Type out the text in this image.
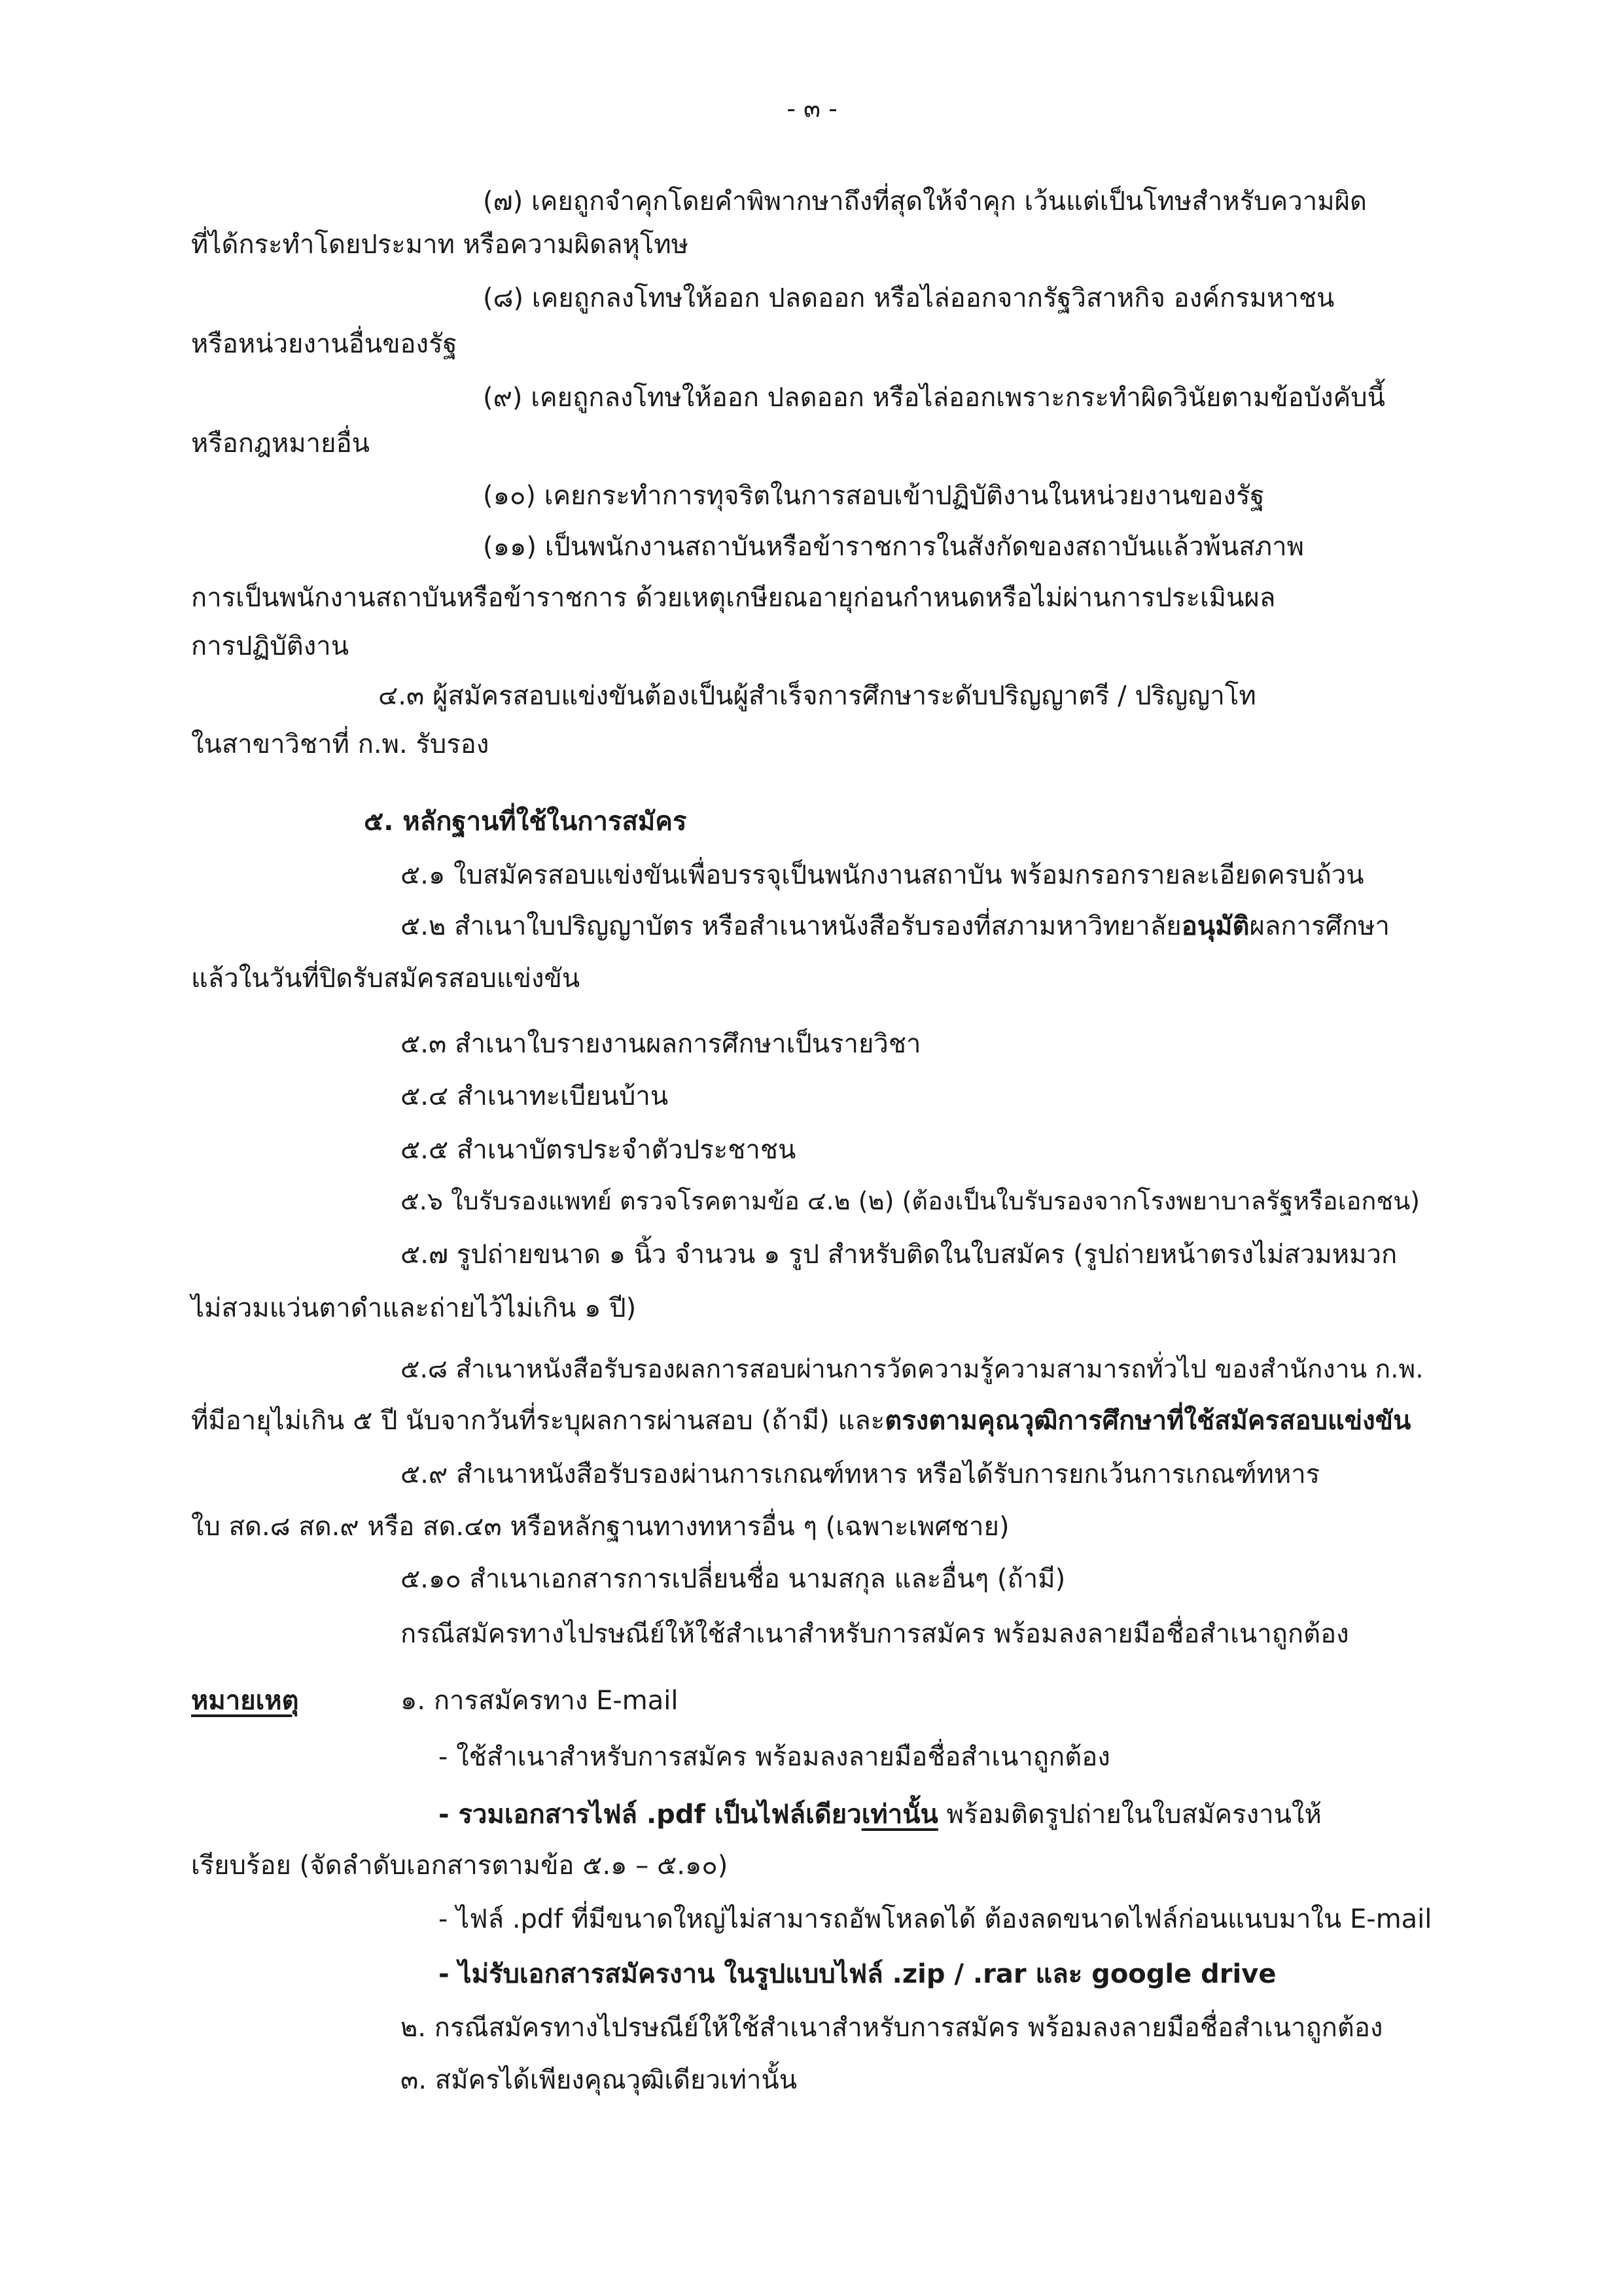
- ๓ -
(๗) เคยถูกจำคุกโดยคำพิพากษาถึงที่สุดให้จำคุก เว้นแต่เป็นโทษสำหรับความผิด
ที่ได้กระทำโดยประมาท หรือความผิดลหุโทษ
(๘) เคยถูกลงโทษให้ออก ปลดออก หรือไล่ออกจากรัฐวิสาหกิจ องค์กรมหาชน
หรือหน่วยงานอื่นของรัฐ
(๙) เคยถูกลงโทษให้ออก ปลดออก หรือไล่ออกเพราะกระทำผิดวินัยตามข้อบังคับนี้
หรือกฎหมายอื่น
(๑๐) เคยกระทำการทุจริตในการสอบเข้าปฏิบัติงานในหน่วยงานของรัฐ
(๑๑) เป็นพนักงานสถาบันหรือข้าราชการในสังกัดของสถาบันแล้วพ้นสภาพ
การเป็นพนักงานสถาบันหรือข้าราชการ ด้วยเหตุเกษียณอายุก่อนกำหนดหรือไม่ผ่านการประเมินผล
การปฏิบัติงาน
๔.๓ ผู้สมัครสอบแข่งขันต้องเป็นผู้สำเร็จการศึกษาระดับปริญญาตรี / ปริญญาโท
ในสาขาวิชาที่ ก.พ. รับรอง
๕. หลักฐานที่ใช้ในการสมัคร
๕.๑ ใบสมัครสอบแข่งขันเพื่อบรรจุเป็นพนักงานสถาบัน พร้อมกรอกรายละเอียดครบถ้วน
๕.๒ สำเนาใบปริญญาบัตร หรือสำเนาหนังสือรับรองที่สภามหาวิทยาลัยอนุมัติผลการศึกษา
แล้วในวันที่ปิดรับสมัครสอบแข่งขัน
๕.๓ สำเนาใบรายงานผลการศึกษาเป็นรายวิชา
๕.๔ สำเนาทะเบียนบ้าน
๕.๕ สำเนาบัตรประจำตัวประชาชน
๕.๖ ใบรับรองแพทย์ ตรวจโรคตามข้อ ๔.๒ (๒) (ต้องเป็นใบรับรองจากโรงพยาบาลรัฐหรือเอกชน)
๕.๗ รูปถ่ายขนาด ๑ นิ้ว จำนวน ๑ รูป สำหรับติดในใบสมัคร (รูปถ่ายหน้าตรงไม่สวมหมวก
ไม่สวมแว่นตาดำและถ่ายไว้ไม่เกิน ๑ ปี)
๕.๘ สำเนาหนังสือรับรองผลการสอบผ่านการวัดความรู้ความสามารถทั่วไป ของสำนักงาน ก.พ.
ที่มีอายุไม่เกิน ๕ ปี นับจากวันที่ระบุผลการผ่านสอบ (ถ้ามี) และตรงตามคุณวุฒิการศึกษาที่ใช้สมัครสอบแข่งขัน
๕.๙ สำเนาหนังสือรับรองผ่านการเกณฑ์ทหาร หรือได้รับการยกเว้นการเกณฑ์ทหาร
ใบ สด.๘ สด.๙ หรือ สด.๔๓ หรือหลักฐานทางทหารอื่น ๆ (เฉพาะเพศชาย)
๕.๑๐ สำเนาเอกสารการเปลี่ยนชื่อ นามสกุล และอื่นๆ (ถ้ามี)
กรณีสมัครทางไปรษณีย์ให้ใช้สำเนาสำหรับการสมัคร พร้อมลงลายมือชื่อสำเนาถูกต้อง
หมายเหตุ	๑. การสมัครทาง E-mail
- ใช้สำเนาสำหรับการสมัคร พร้อมลงลายมือชื่อสำเนาถูกต้อง
- รวมเอกสารไฟล์ .pdf เป็นไฟล์เดียวเท่านั้น พร้อมติดรูปถ่ายในใบสมัครงานให้
เรียบร้อย (จัดลำดับเอกสารตามข้อ ๕.๑ – ๕.๑๐)
- ไฟล์ .pdf ที่มีขนาดใหญ่ไม่สามารถอัพโหลดได้ ต้องลดขนาดไฟล์ก่อนแนบมาใน E-mail
- ไม่รับเอกสารสมัครงาน ในรูปแบบไฟล์ .zip / .rar และ google drive
๒. กรณีสมัครทางไปรษณีย์ให้ใช้สำเนาสำหรับการสมัคร พร้อมลงลายมือชื่อสำเนาถูกต้อง
๓. สมัครได้เพียงคุณวุฒิเดียวเท่านั้น
